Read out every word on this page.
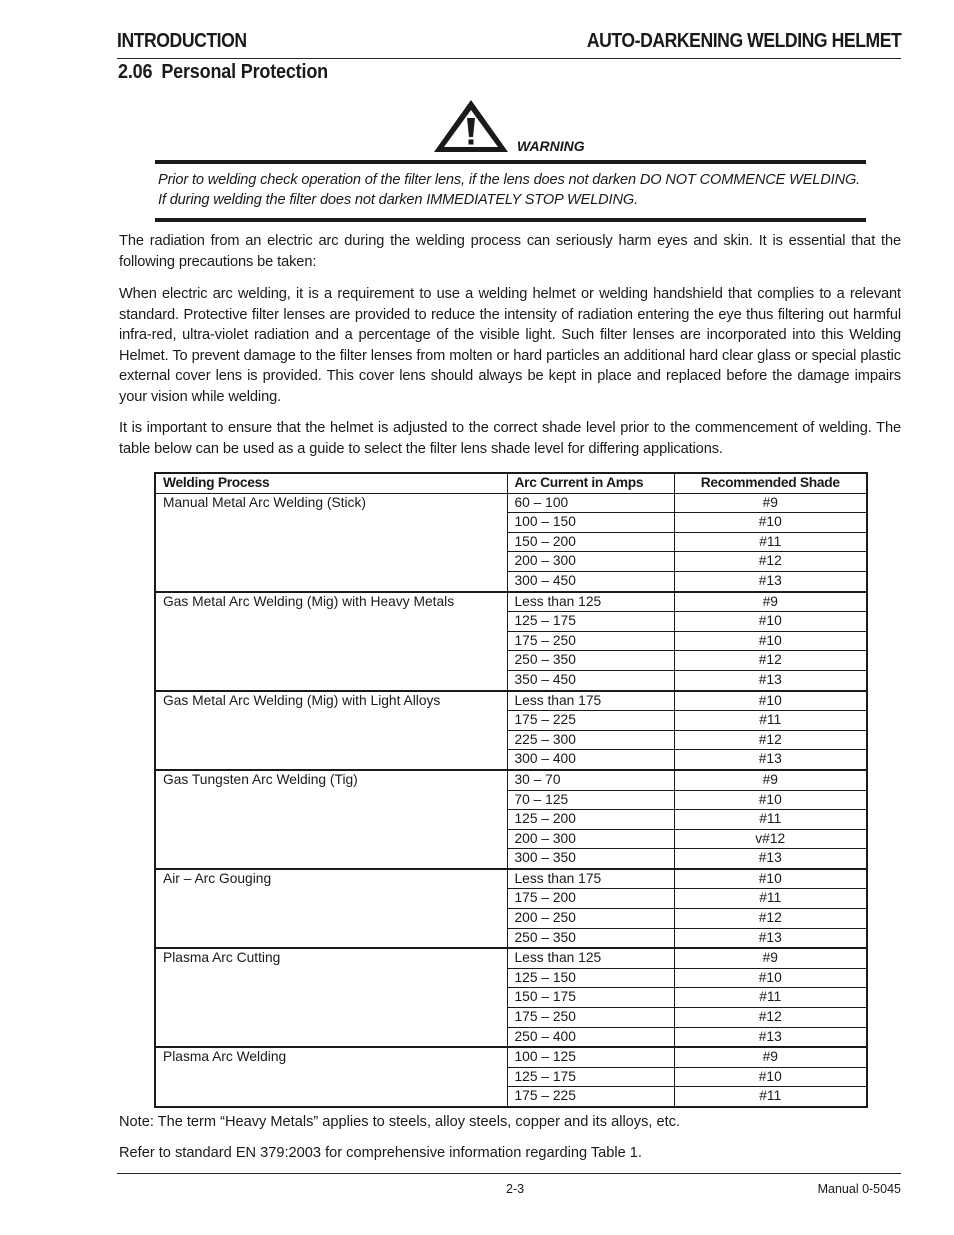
INTRODUCTION	AUTO-DARKENING WELDING HELMET
2.06 Personal Protection
WARNING
Prior to welding check operation of the filter lens, if the lens does not darken DO NOT COMMENCE WELDING.
If during welding the filter does not darken IMMEDIATELY STOP WELDING.

The radiation from an electric arc during the welding process can seriously harm eyes and skin. It is essential that the following precautions be taken:

When electric arc welding, it is a requirement to use a welding helmet or welding handshield that complies to a relevant standard. Protective filter lenses are provided to reduce the intensity of radiation entering the eye thus filtering out harmful infra-red, ultra-violet radiation and a percentage of the visible light. Such filter lenses are incorporated into this Welding Helmet. To prevent damage to the filter lenses from molten or hard particles an additional hard clear glass or special plastic external cover lens is provided. This cover lens should always be kept in place and replaced before the damage impairs your vision while welding.

It is important to ensure that the helmet is adjusted to the correct shade level prior to the commencement of welding. The table below can be used as a guide to select the filter lens shade level for differing applications.

Welding Process	Arc Current in Amps	Recommended Shade
Manual Metal Arc Welding (Stick)	60 – 100	#9
	100 – 150	#10
	150 – 200	#11
	200 – 300	#12
	300 – 450	#13
Gas Metal Arc Welding (Mig) with Heavy Metals	Less than 125	#9
	125 – 175	#10
	175 – 250	#10
	250 – 350	#12
	350 – 450	#13
Gas Metal Arc Welding (Mig) with Light Alloys	Less than 175	#10
	175 – 225	#11
	225 – 300	#12
	300 – 400	#13
Gas Tungsten Arc Welding (Tig)	30 – 70	#9
	70 – 125	#10
	125 – 200	#11
	200 – 300	v#12
	300 – 350	#13
Air – Arc Gouging	Less than 175	#10
	175 – 200	#11
	200 – 250	#12
	250 – 350	#13
Plasma Arc Cutting	Less than 125	#9
	125 – 150	#10
	150 – 175	#11
	175 – 250	#12
	250 – 400	#13
Plasma Arc Welding	100 – 125	#9
	125 – 175	#10
	175 – 225	#11
Note: The term “Heavy Metals” applies to steels, alloy steels, copper and its alloys, etc.
Refer to standard EN 379:2003 for comprehensive information regarding Table 1.
2-3	Manual 0-5045
